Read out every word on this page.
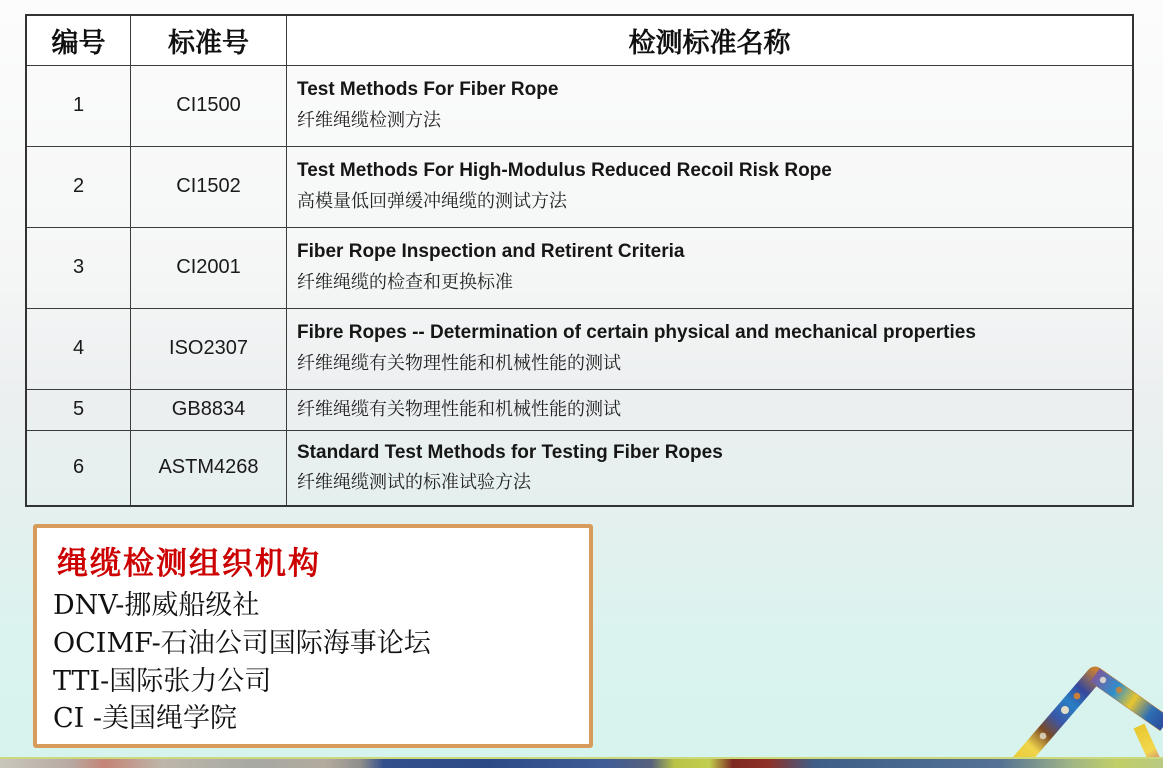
编号	标准号	检测标准名称
1	CI1500	Test Methods For Fiber Rope
纤维绳缆检测方法

2	CI1502	Test Methods For High-Modulus Reduced Recoil Risk Rope
高模量低回弹缓冲绳缆的测试方法

3	CI2001	Fiber Rope Inspection and Retirent Criteria
纤维绳缆的检查和更换标准

4	ISO2307	Fibre Ropes -- Determination of certain physical and mechanical properties
纤维绳缆有关物理性能和机械性能的测试

5	GB8834	纤维绳缆有关物理性能和机械性能的测试

6	ASTM4268	Standard Test Methods for Testing Fiber Ropes
纤维绳缆测试的标准试验方法
绳缆检测组织机构
DNV-挪威船级社
OCIMF-石油公司国际海事论坛
TTI-国际张力公司
CI -美国绳学院
